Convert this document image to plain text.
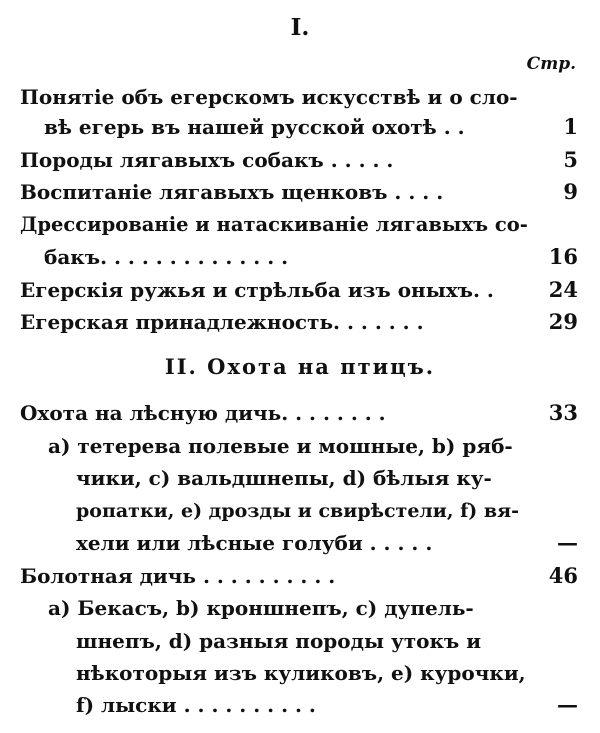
I.
Стр.
Понятіе объ егерскомъ искусствѣ и о сло-
вѣ егерь въ нашей русской охотѣ . .	1
Породы лягавыхъ собакъ . . . . .	5
Воспитаніе лягавыхъ щенковъ . . . .	9
Дрессированіе и натаскиваніе лягавыхъ со-
бакъ. . . . . . . . . . . . . .	16
Егерскія ружья и стрѣльба изъ оныхъ. .	24
Егерская принадлежность. . . . . . .	29
II. Охота на птицъ.
Охота на лѣсную дичь. . . . . . . .	33
а) тетерева полевые и мошные, b) ряб-
чики, с) вальдшнепы, d) бѣлыя ку-
ропатки, е) дрозды и свирѣстели, f) вя-
хели или лѣсные голуби . . . . .	—
Болотная дичь . . . . . . . . . .	46
а) Бекасъ, b) кроншнепъ, с) дупель-
шнепъ, d) разныя породы утокъ и
нѣкоторыя изъ куликовъ, е) курочки,
f) лыски . . . . . . . . . .	—
